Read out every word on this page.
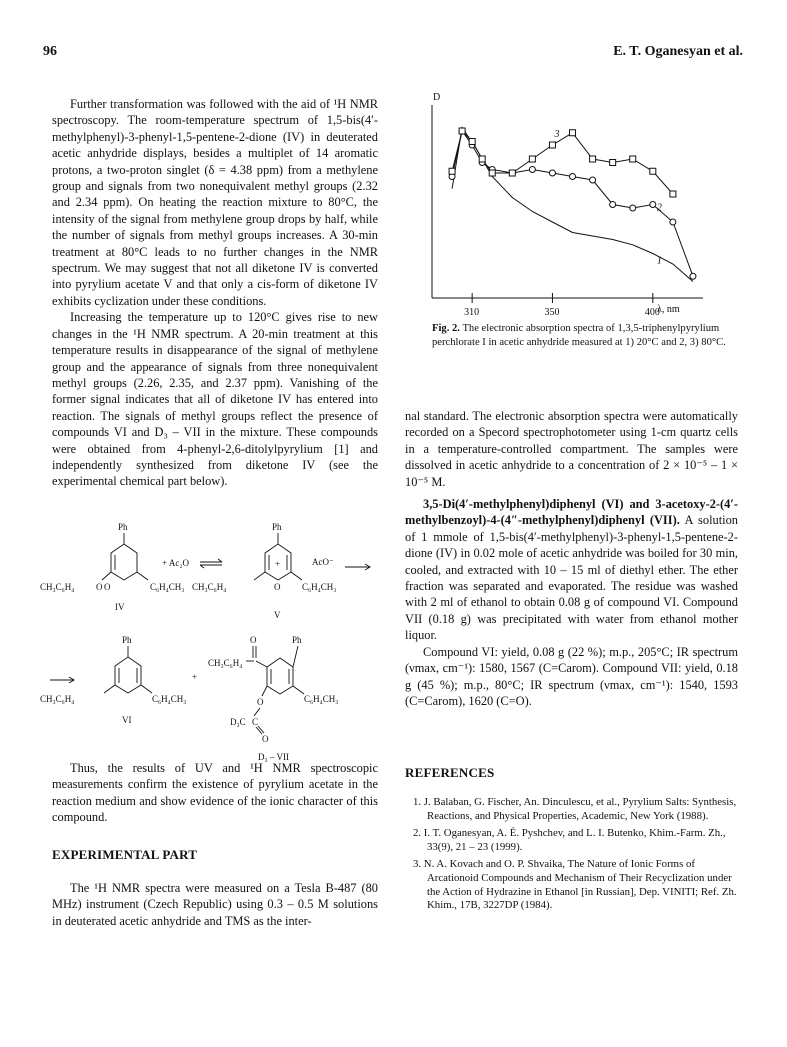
96	E. T. Oganesyan et al.

Further transformation was followed with the aid of ¹H NMR spectroscopy. The room-temperature spectrum of 1,5-bis(4′-methylphenyl)-3-phenyl-1,5-pentene-2-dione (IV) in deuterated acetic anhydride displays, besides a multiplet of 14 aromatic protons, a two-proton singlet (δ = 4.38 ppm) from a methylene group and signals from two nonequivalent methyl groups (2.32 and 2.34 ppm). On heating the reaction mixture to 80°C, the intensity of the signal from methylene group drops by half, while the number of signals from methyl groups increases. A 30-min treatment at 80°C leads to no further changes in the NMR spectrum. We may suggest that not all diketone IV is converted into pyrylium acetate V and that only a cis-form of diketone IV exhibits cyclization under these conditions.

Increasing the temperature up to 120°C gives rise to new changes in the ¹H NMR spectrum. A 20-min treatment at this temperature results in disappearance of the signal of methylene group and the appearance of signals from three nonequivalent methyl groups (2.26, 2.35, and 2.37 ppm). Vanishing of the former signal indicates that all of diketone IV has entered into reaction. The signals of methyl groups reflect the presence of compounds VI and D₃ – VII in the mixture. These compounds were obtained from 4-phenyl-2,6-ditolylpyrylium [1] and independently synthesized from diketone IV (see the experimental chemical part below).

Ph
O O
CH₃C₆H₄	C₆H₄CH₃
IV
+ Ac₂O
Ph
+
O
CH₃C₆H₄	C₆H₄CH₃
AcO⁻
V
Ph
CH₃C₆H₄	C₆H₄CH₃
VI
+
O	Ph
CH₃C₆H₄
C₆H₄CH₃
O
D₃C C
O
D₃ – VII

Thus, the results of UV and ¹H NMR spectroscopic measurements confirm the existence of pyrylium acetate in the reaction medium and show evidence of the ionic character of this compound.

EXPERIMENTAL PART

The ¹H NMR spectra were measured on a Tesla B-487 (80 MHz) instrument (Czech Republic) using 0.3 – 0.5 M solutions in deuterated acetic anhydride and TMS as the inter-

D
λ, nm
310	350	400
1
2
3
Fig. 2. The electronic absorption spectra of 1,3,5-triphenylpyrylium perchlorate I in acetic anhydride measured at 1) 20°C and 2, 3) 80°C.

nal standard. The electronic absorption spectra were automatically recorded on a Specord spectrophotometer using 1-cm quartz cells in a temperature-controlled compartment. The samples were dissolved in acetic anhydride to a concentration of 2 × 10⁻⁵ – 1 × 10⁻⁵ M.

3,5-Di(4′-methylphenyl)diphenyl (VI) and 3-acetoxy-2-(4′-methylbenzoyl)-4-(4″-methylphenyl)diphenyl (VII). A solution of 1 mmole of 1,5-bis(4′-methylphenyl)-3-phenyl-1,5-pentene-2-dione (IV) in 0.02 mole of acetic anhydride was boiled for 30 min, cooled, and extracted with 10 – 15 ml of diethyl ether. The ether fraction was separated and evaporated. The residue was washed with 2 ml of ethanol to obtain 0.08 g of compound VI. Compound VII (0.18 g) was precipitated with water from ethanol mother liquor.

Compound VI: yield, 0.08 g (22 %); m.p., 205°C; IR spectrum (νmax, cm⁻¹): 1580, 1567 (C=Carom). Compound VII: yield, 0.18 g (45 %); m.p., 80°C; IR spectrum (νmax, cm⁻¹): 1540, 1593 (C=Carom), 1620 (C=O).

REFERENCES

1. J. Balaban, G. Fischer, An. Dinculescu, et al., Pyrylium Salts: Synthesis, Reactions, and Physical Properties, Academic, New York (1988).

2. I. T. Oganesyan, A. É. Pyshchev, and L. I. Butenko, Khim.-Farm. Zh., 33(9), 21 – 23 (1999).

3. N. A. Kovach and O. P. Shvaika, The Nature of Ionic Forms of Arcationoid Compounds and Mechanism of Their Recyclization under the Action of Hydrazine in Ethanol [in Russian], Dep. VINITI; Ref. Zh. Khim., 17B, 3227DP (1984).
